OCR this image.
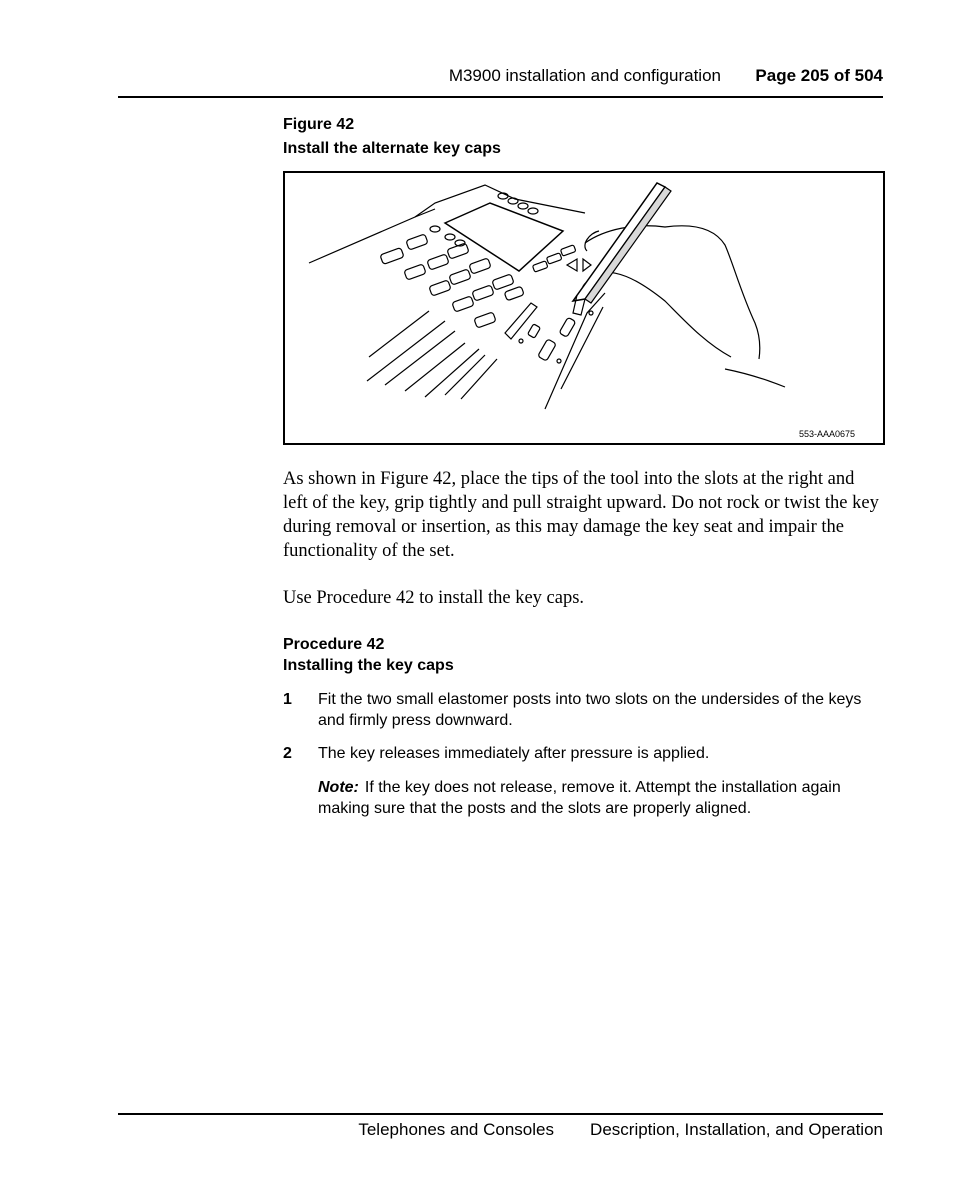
M3900 installation and configuration Page 205 of 504
Figure 42
Install the alternate key caps
553-AAA0675

As shown in Figure 42, place the tips of the tool into the slots at the right and left of the key, grip tightly and pull straight upward. Do not rock or twist the key during removal or insertion, as this may damage the key seat and impair the functionality of the set.

Use Procedure 42 to install the key caps.

Procedure 42
Installing the key caps
1 Fit the two small elastomer posts into two slots on the undersides of the keys and firmly press downward.
2 The key releases immediately after pressure is applied.
Note: If the key does not release, remove it. Attempt the installation again making sure that the posts and the slots are properly aligned.
Telephones and Consoles Description, Installation, and Operation
